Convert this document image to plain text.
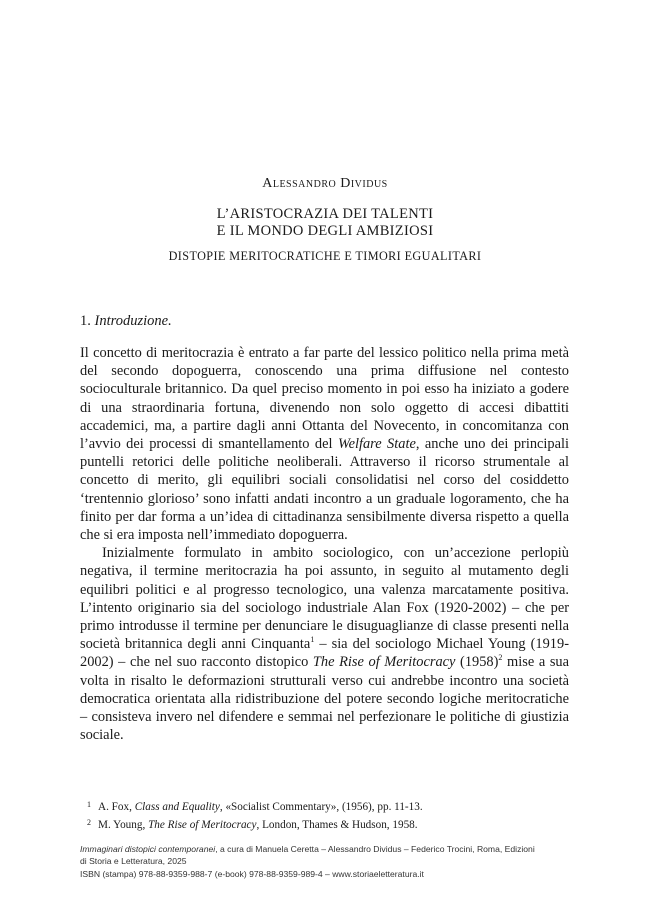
Alessandro Dividus
L’ARISTOCRAZIA DEI TALENTI
E IL MONDO DEGLI AMBIZIOSI
DISTOPIE MERITOCRATICHE E TIMORI EGUALITARI
1. Introduzione.

Il concetto di meritocrazia è entrato a far parte del lessico politico nella prima metà del secondo dopoguerra, conoscendo una prima diffusione nel contesto socioculturale britannico. Da quel preciso momento in poi esso ha iniziato a godere di una straordinaria fortuna, divenendo non solo oggetto di accesi dibattiti accademici, ma, a partire dagli anni Ottanta del Novecento, in concomitanza con l’avvio dei processi di smantellamento del Welfare State, anche uno dei principali puntelli retorici delle politiche neoliberali. Attraverso il ricorso strumentale al concetto di merito, gli equilibri sociali consolidatisi nel corso del cosiddetto ‘trentennio glorioso’ sono infatti andati incontro a un graduale logoramento, che ha finito per dar forma a un’idea di cittadinanza sensibilmente diversa rispetto a quella che si era imposta nell’immediato dopoguerra.

Inizialmente formulato in ambito sociologico, con un’accezione perlopiù negativa, il termine meritocrazia ha poi assunto, in seguito al mutamento degli equilibri politici e al progresso tecnologico, una valenza marcatamente positiva. L’intento originario sia del sociologo industriale Alan Fox (1920-2002) – che per primo introdusse il termine per denunciare le disuguaglianze di classe presenti nella società britannica degli anni Cinquanta$^1$ – sia del sociologo Michael Young (1919-2002) – che nel suo racconto distopico The Rise of Meritocracy $(1958)^2$ mise a sua volta in risalto le deformazioni strutturali verso cui andrebbe incontro una società democratica orientata alla ridistribuzione del potere secondo logiche meritocratiche – consisteva invero nel difendere e semmai nel perfezionare le politiche di giustizia sociale.

1 A. Fox, Class and Equality, «Socialist Commentary», (1956), pp. 11-13.
2 M. Young, The Rise of Meritocracy, London, Thames & Hudson, 1958.
Immaginari distopici contemporanei, a cura di Manuela Ceretta – Alessandro Dividus – Federico Trocini, Roma, Edizioni
di Storia e Letteratura, 2025
ISBN (stampa) 978-88-9359-988-7 (e-book) 978-88-9359-989-4 – www.storiaeletteratura.it
